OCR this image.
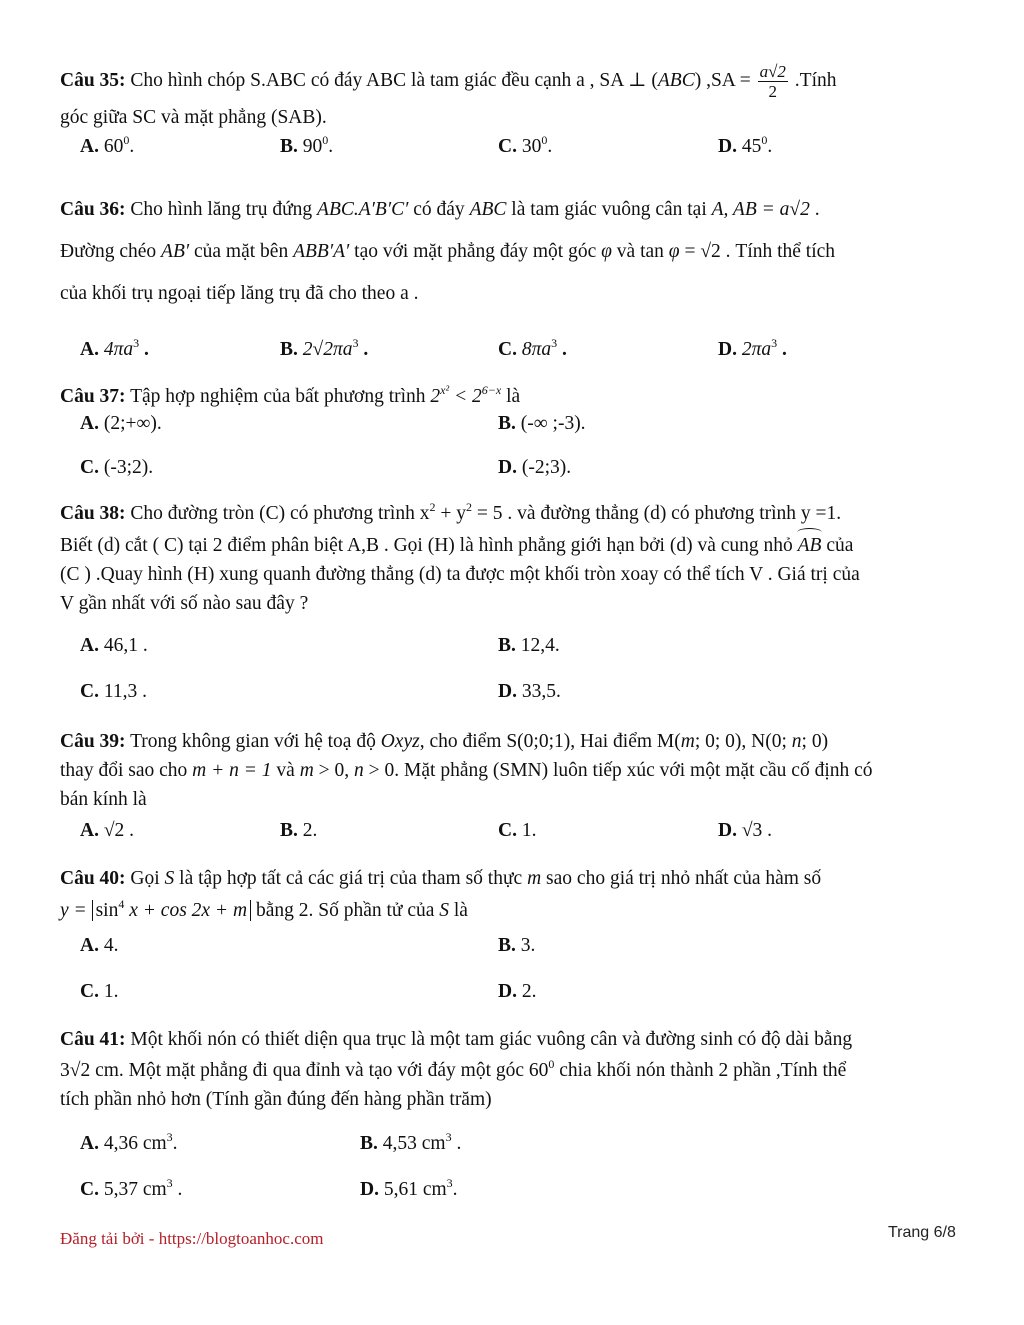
Câu 35: Cho hình chóp S.ABC có đáy ABC là tam giác đều cạnh a , SA ⊥ (ABC) $,SA = \frac{a√2}{2}$ .Tính

góc giữa SC và mặt phẳng (SAB).

A. $60^0$.	B. $90^0$.	C. $30^0$.	D. $45^0$.

Câu 36: Cho hình lăng trụ đứng ABC.A′B′C′ có đáy ABC là tam giác vuông cân tại A, AB = a√2 .

Đường chéo AB′ của mặt bên ABB′A′ tạo với mặt phẳng đáy một góc φ và tan φ = √2 . Tính thể tích

của khối trụ ngoại tiếp lăng trụ đã cho theo a .

A. $4\pi a^3$ .	B. $2√2\pi a^3$ .	C. $8\pi a^3$ .	D. $2\pi a^3$ .

Câu 37: Tập hợp nghiệm của bất phương trình $2^{x^2} < 2^{6-x}$ là

A. (2;+∞).	B. (-∞ ;-3).
C. (-3;2).	D. (-2;3).

Câu 38: Cho đường tròn (C) có phương trình $x^2 + y^2 = 5$ . và đường thẳng (d) có phương trình y =1.

Biết (d) cắt ( C) tại 2 điểm phân biệt A,B . Gọi (H) là hình phẳng giới hạn bởi (d) và cung nhỏ AB của

(C ) .Quay hình (H) xung quanh đường thẳng (d) ta được một khối tròn xoay có thể tích V . Giá trị của

V gần nhất với số nào sau đây ?

A. 46,1 .	B. 12,4.
C. 11,3 .	D. 33,5.

Câu 39: Trong không gian với hệ toạ độ Oxyz, cho điểm S(0;0;1), Hai điểm M(m; 0; 0), N(0; n; 0)

thay đổi sao cho m + n = 1 và m > 0, n > 0. Mặt phẳng (SMN) luôn tiếp xúc với một mặt cầu cố định có

bán kính là

A. √2 .	B. 2.	C. 1.	D. √3 .

Câu 40: Gọi S là tập hợp tất cả các giá trị của tham số thực m sao cho giá trị nhỏ nhất của hàm số

$y = \sin^4 x + \cos 2x + m$ bằng 2. Số phần tử của S là

A. 4.	B. 3.
C. 1.	D. 2.

Câu 41: Một khối nón có thiết diện qua trục là một tam giác vuông cân và đường sinh có độ dài bằng

3√2 cm. Một mặt phẳng đi qua đỉnh và tạo với đáy một góc $60^0$ chia khối nón thành 2 phần ,Tính thể

tích phần nhỏ hơn (Tính gần đúng đến hàng phần trăm)

A. 4,36 $cm^3$.	B. 4,53 $cm^3$ .
C. 5,37 $cm^3$ .	D. 5,61 $cm^3$.
Đăng tải bởi - https://blogtoanhoc.com	Trang 6/8
